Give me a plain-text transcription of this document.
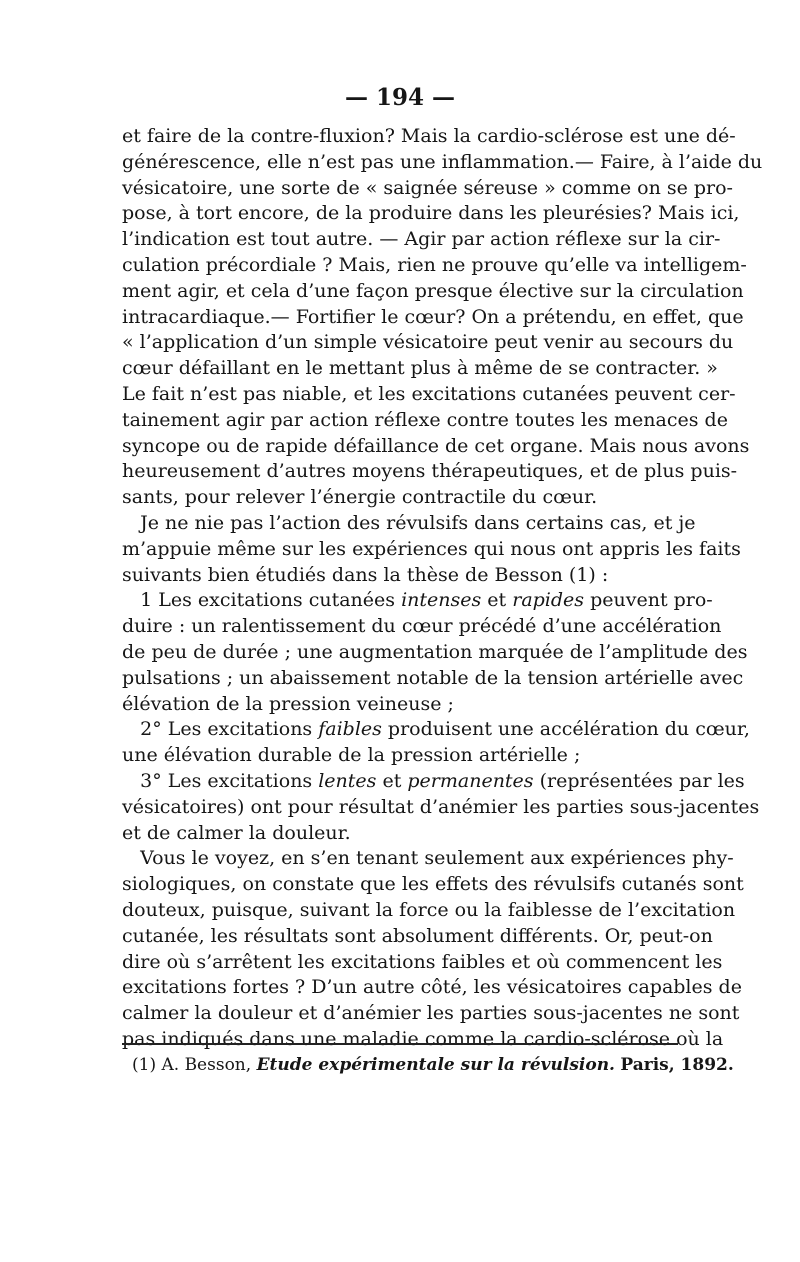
— 194 —
et faire de la contre-fluxion? Mais la cardio-sclérose est une dé-
générescence, elle n’est pas une inflammation.— Faire, à l’aide du
vésicatoire, une sorte de « saignée séreuse » comme on se pro-
pose, à tort encore, de la produire dans les pleurésies? Mais ici,
l’indication est tout autre. — Agir par action réflexe sur la cir-
culation précordiale ? Mais, rien ne prouve qu’elle va intelligem-
ment agir, et cela d’une façon presque élective sur la circulation
intracardiaque.— Fortifier le cœur? On a prétendu, en effet, que
« l’application d’un simple vésicatoire peut venir au secours du
cœur défaillant en le mettant plus à même de se contracter. »
Le fait n’est pas niable, et les excitations cutanées peuvent cer-
tainement agir par action réflexe contre toutes les menaces de
syncope ou de rapide défaillance de cet organe. Mais nous avons
heureusement d’autres moyens thérapeutiques, et de plus puis-
sants, pour relever l’énergie contractile du cœur.
Je ne nie pas l’action des révulsifs dans certains cas, et je
m’appuie même sur les expériences qui nous ont appris les faits
suivants bien étudiés dans la thèse de Besson (1) :
1 Les excitations cutanées intenses et rapides peuvent pro-
duire : un ralentissement du cœur précédé d’une accélération
de peu de durée ; une augmentation marquée de l’amplitude des
pulsations ; un abaissement notable de la tension artérielle avec
élévation de la pression veineuse ;
2° Les excitations faibles produisent une accélération du cœur,
une élévation durable de la pression artérielle ;
3° Les excitations lentes et permanentes (représentées par les
vésicatoires) ont pour résultat d’anémier les parties sous-jacentes
et de calmer la douleur.
Vous le voyez, en s’en tenant seulement aux expériences phy-
siologiques, on constate que les effets des révulsifs cutanés sont
douteux, puisque, suivant la force ou la faiblesse de l’excitation
cutanée, les résultats sont absolument différents. Or, peut-on
dire où s’arrêtent les excitations faibles et où commencent les
excitations fortes ? D’un autre côté, les vésicatoires capables de
calmer la douleur et d’anémier les parties sous-jacentes ne sont
pas indiqués dans une maladie comme la cardio-sclérose où la
(1) A. Besson, Etude expérimentale sur la révulsion. Paris, 1892.
